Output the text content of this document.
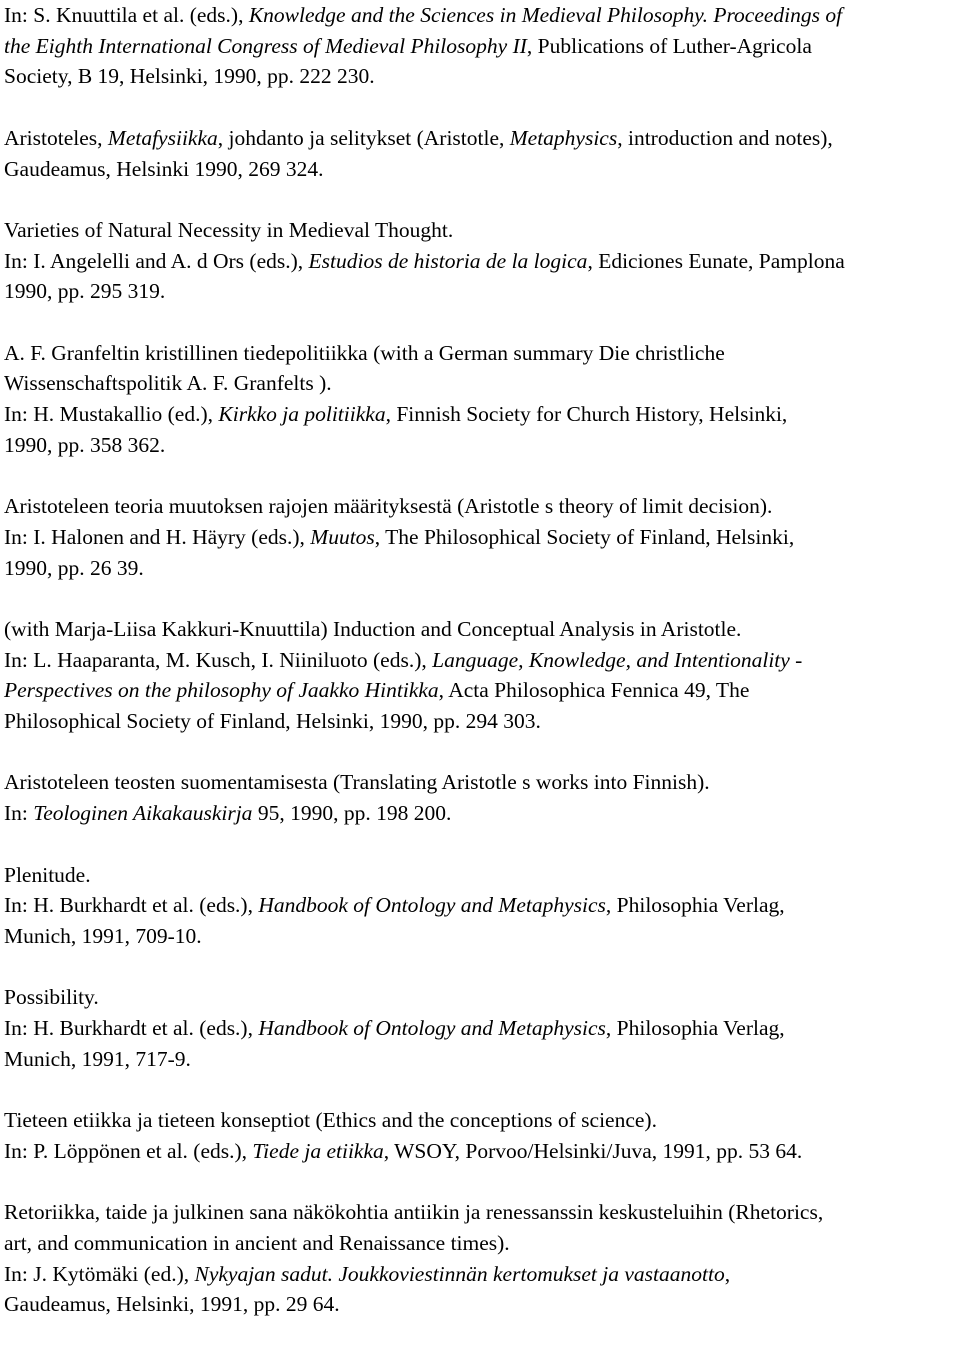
In: S. Knuuttila et al. (eds.), Knowledge and the Sciences in Medieval Philosophy. Proceedings of
the Eighth International Congress of Medieval Philosophy II, Publications of Luther-Agricola
Society, B 19, Helsinki, 1990, pp. 222 230.
Aristoteles, Metafysiikka, johdanto ja selitykset (Aristotle, Metaphysics, introduction and notes),
Gaudeamus, Helsinki 1990, 269 324.
Varieties of Natural Necessity in Medieval Thought.
In: I. Angelelli and A. d Ors (eds.), Estudios de historia de la logica, Ediciones Eunate, Pamplona
1990, pp. 295 319.
A. F. Granfeltin kristillinen tiedepolitiikka (with a German summary Die christliche
Wissenschaftspolitik A. F. Granfelts ).
In: H. Mustakallio (ed.), Kirkko ja politiikka, Finnish Society for Church History, Helsinki,
1990, pp. 358 362.
Aristoteleen teoria muutoksen rajojen määrityksestä (Aristotle s theory of limit decision).
In: I. Halonen and H. Häyry (eds.), Muutos, The Philosophical Society of Finland, Helsinki,
1990, pp. 26 39.
(with Marja-Liisa Kakkuri-Knuuttila) Induction and Conceptual Analysis in Aristotle.
In: L. Haaparanta, M. Kusch, I. Niiniluoto (eds.), Language, Knowledge, and Intentionality -
Perspectives on the philosophy of Jaakko Hintikka, Acta Philosophica Fennica 49, The
Philosophical Society of Finland, Helsinki, 1990, pp. 294 303.
Aristoteleen teosten suomentamisesta (Translating Aristotle s works into Finnish).
In: Teologinen Aikakauskirja 95, 1990, pp. 198 200.
Plenitude.
In: H. Burkhardt et al. (eds.), Handbook of Ontology and Metaphysics, Philosophia Verlag,
Munich, 1991, 709-10.
Possibility.
In: H. Burkhardt et al. (eds.), Handbook of Ontology and Metaphysics, Philosophia Verlag,
Munich, 1991, 717-9.
Tieteen etiikka ja tieteen konseptiot (Ethics and the conceptions of science).
In: P. Löppönen et al. (eds.), Tiede ja etiikka, WSOY, Porvoo/Helsinki/Juva, 1991, pp. 53 64.
Retoriikka, taide ja julkinen sana näkökohtia antiikin ja renessanssin keskusteluihin (Rhetorics,
art, and communication in ancient and Renaissance times).
In: J. Kytömäki (ed.), Nykyajan sadut. Joukkoviestinnän kertomukset ja vastaanotto,
Gaudeamus, Helsinki, 1991, pp. 29 64.
